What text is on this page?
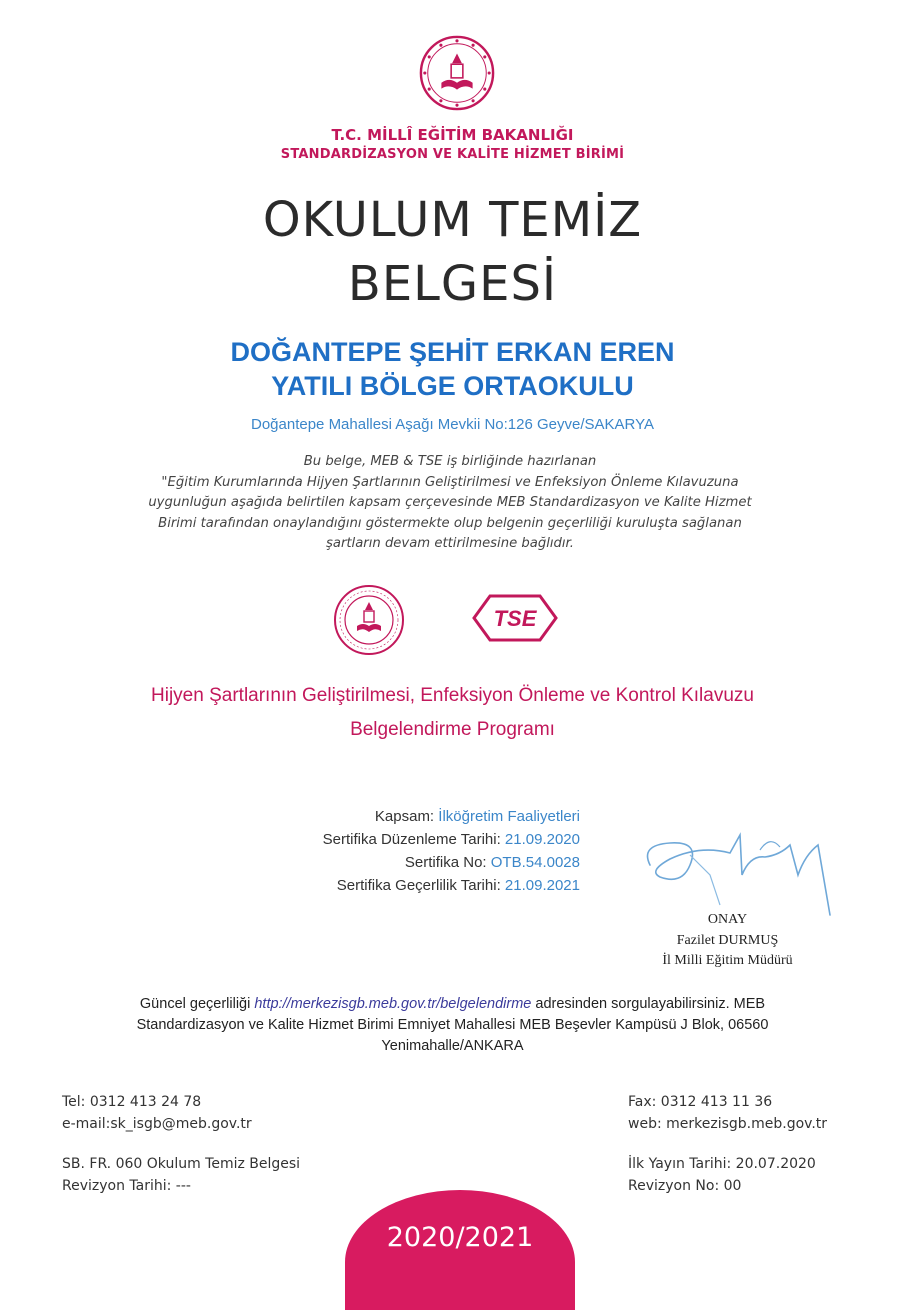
T.C. MİLLÎ EĞİTİM BAKANLIĞI
STANDARDİZASYON VE KALİTE HİZMET BİRİMİ
OKULUM TEMİZ
BELGESİ
DOĞANTEPE ŞEHİT ERKAN EREN
YATILI BÖLGE ORTAOKULU
Doğantepe Mahallesi Aşağı Mevkii No:126 Geyve/SAKARYA
Bu belge, MEB & TSE iş birliğinde hazırlanan
"Eğitim Kurumlarında Hijyen Şartlarının Geliştirilmesi ve Enfeksiyon Önleme Kılavuzuna
uygunluğun aşağıda belirtilen kapsam çerçevesinde MEB Standardizasyon ve Kalite Hizmet
Birimi tarafından onaylandığını göstermekte olup belgenin geçerliliği kuruluşta sağlanan
şartların devam ettirilmesine bağlıdır.
TSE
Hijyen Şartlarının Geliştirilmesi, Enfeksiyon Önleme ve Kontrol Kılavuzu
Belgelendirme Programı
Kapsam: İlköğretim Faaliyetleri
Sertifika Düzenleme Tarihi: 21.09.2020
Sertifika No: OTB.54.0028
Sertifika Geçerlilik Tarihi: 21.09.2021
ONAY
Fazilet DURMUŞ
İl Milli Eğitim Müdürü
Güncel geçerliliği http://merkezisgb.meb.gov.tr/belgelendirme adresinden sorgulayabilirsiniz. MEB
Standardizasyon ve Kalite Hizmet Birimi Emniyet Mahallesi MEB Beşevler Kampüsü J Blok, 06560
Yenimahalle/ANKARA
Tel: 0312 413 24 78
e-mail:sk_isgb@meb.gov.tr
Fax: 0312 413 11 36
web: merkezisgb.meb.gov.tr
SB. FR. 060 Okulum Temiz Belgesi
Revizyon Tarihi: ---
İlk Yayın Tarihi: 20.07.2020
Revizyon No: 00
2020/2021
